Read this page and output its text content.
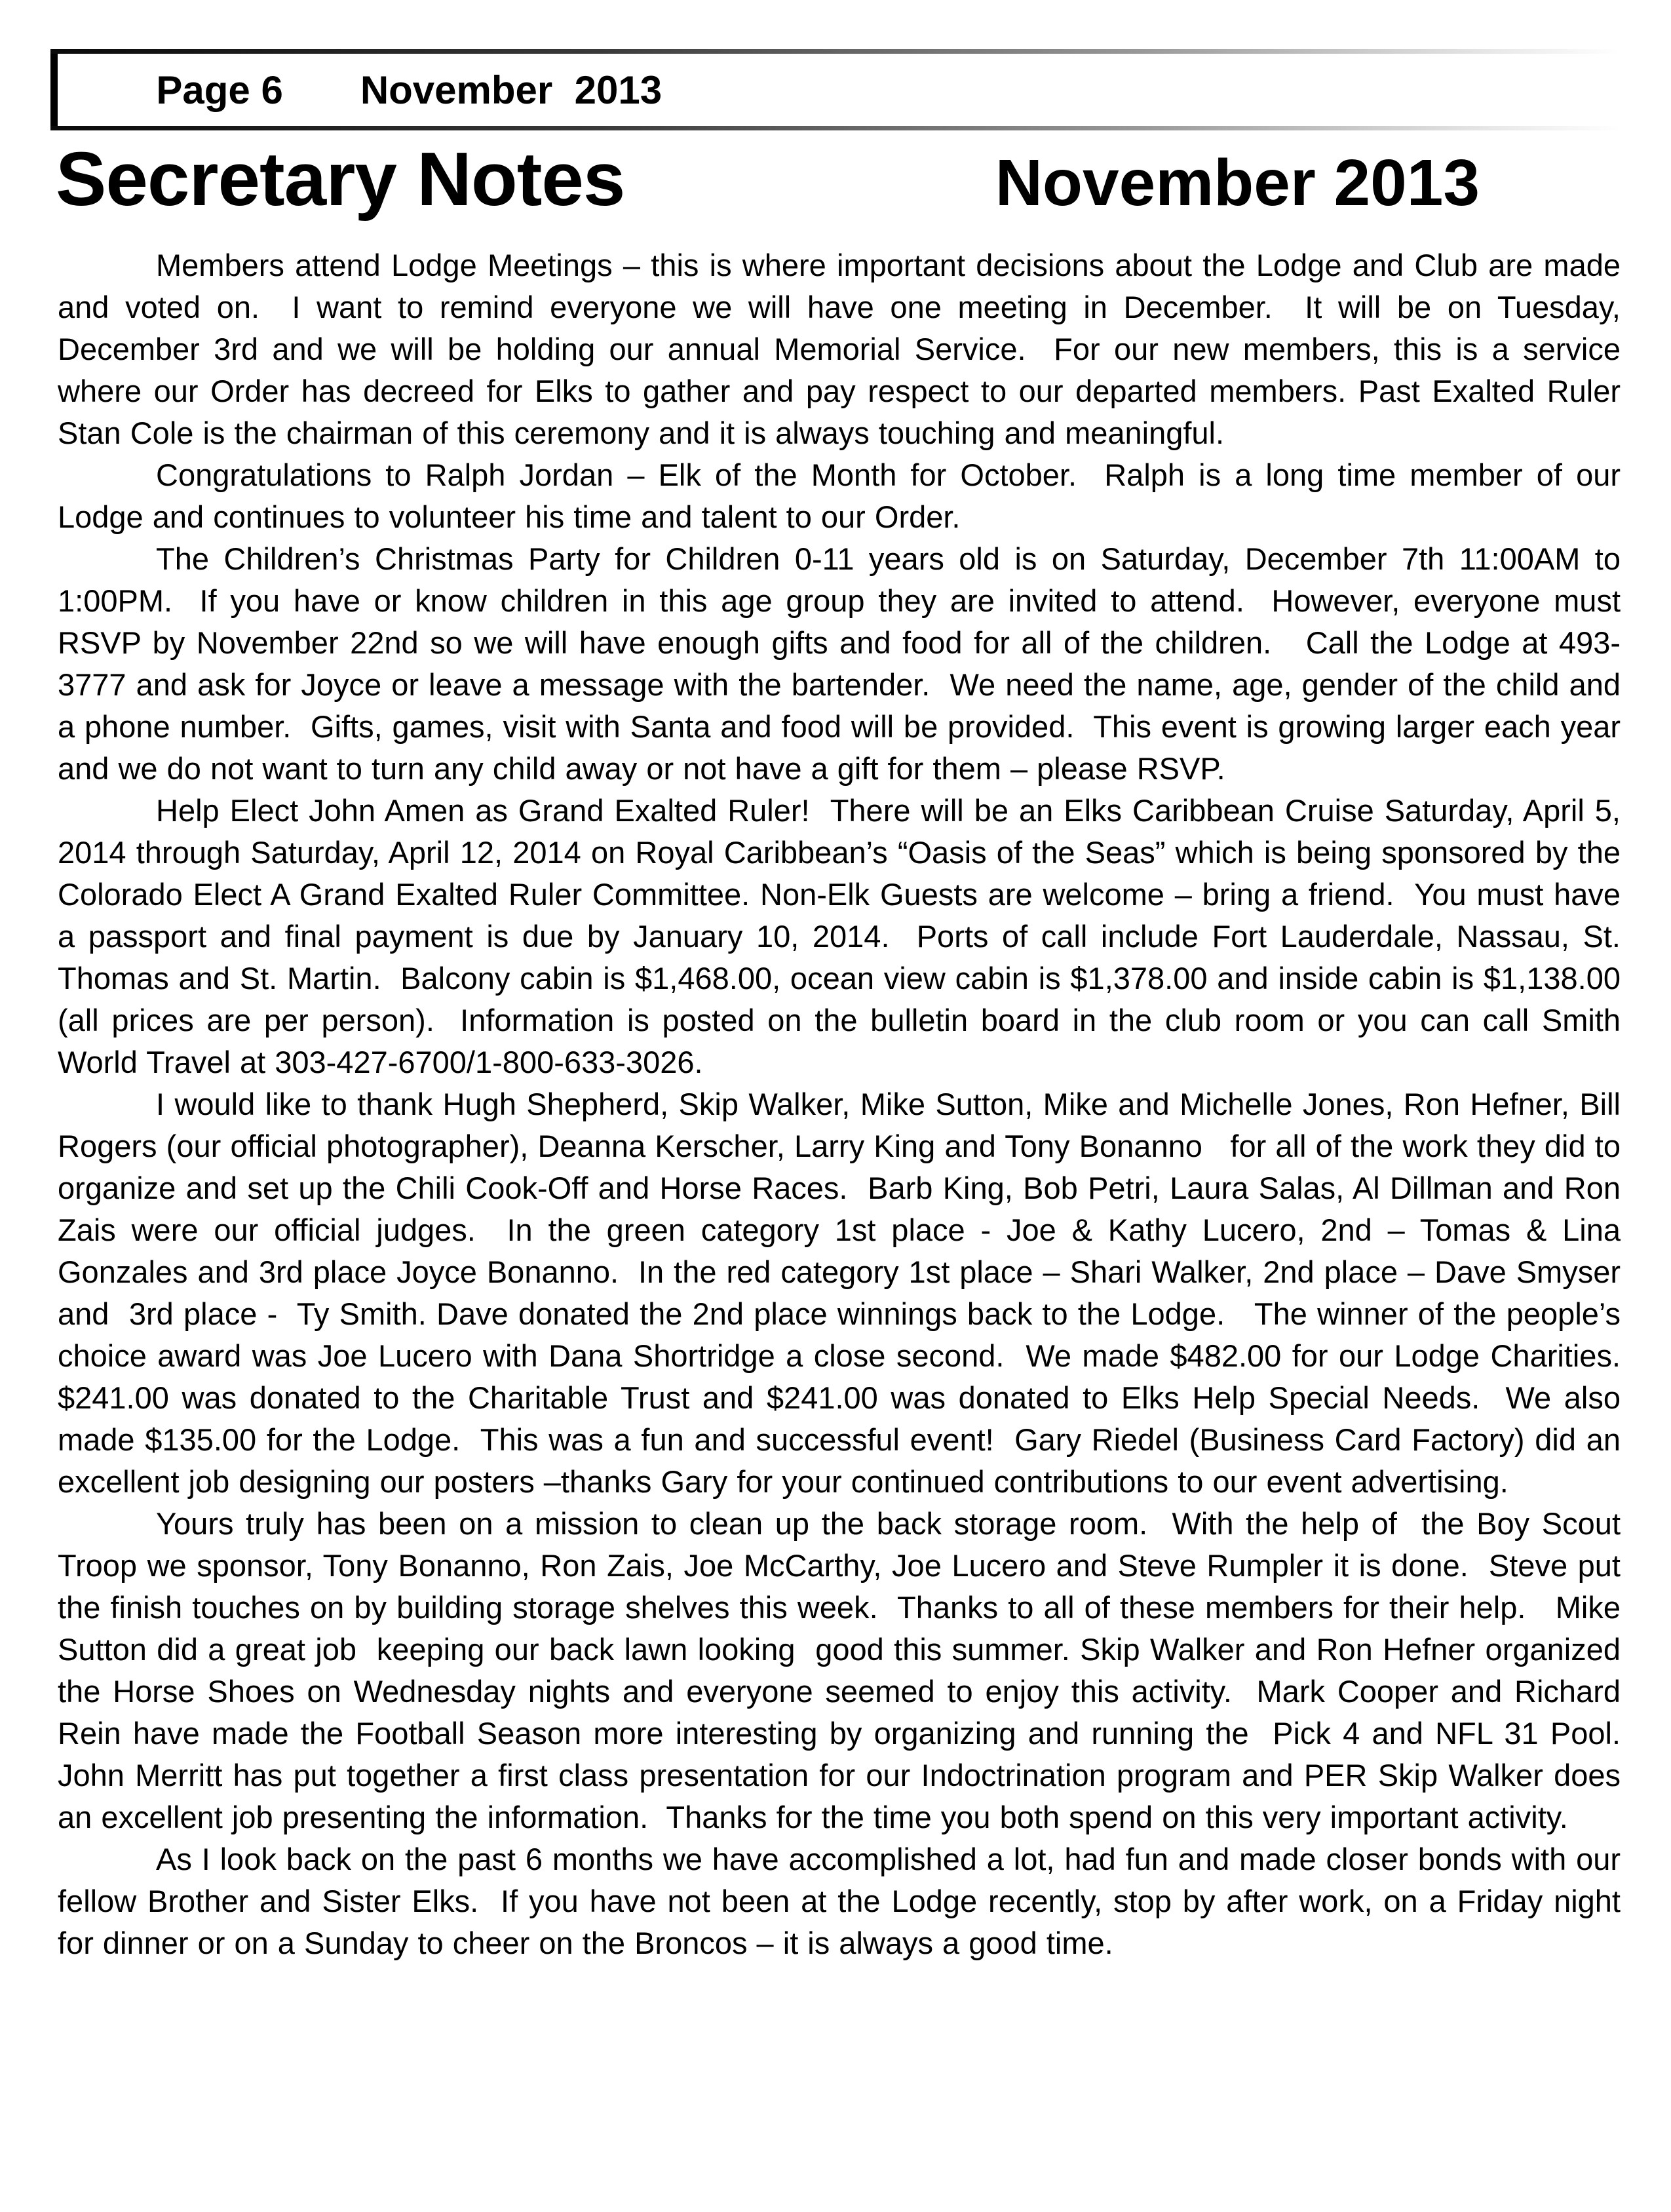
Page 6 November  2013

Secretary Notes	November 2013

Members attend Lodge Meetings – this is where important decisions about the Lodge and Club are made and voted on.  I want to remind everyone we will have one meeting in December.  It will be on Tuesday, December 3rd and we will be holding our annual Memorial Service.  For our new members, this is a service where our Order has decreed for Elks to gather and pay respect to our departed members. Past Exalted Ruler Stan Cole is the chairman of this ceremony and it is always touching and meaningful.

Congratulations to Ralph Jordan – Elk of the Month for October.  Ralph is a long time member of our Lodge and continues to volunteer his time and talent to our Order.

The Children’s Christmas Party for Children 0-11 years old is on Saturday, December 7th 11:00AM to 1:00PM.  If you have or know children in this age group they are invited to attend.  However, everyone must RSVP by November 22nd so we will have enough gifts and food for all of the children.   Call the Lodge at 493-3777 and ask for Joyce or leave a message with the bartender.  We need the name, age, gender of the child and a phone number.  Gifts, games, visit with Santa and food will be provided.  This event is growing larger each year and we do not want to turn any child away or not have a gift for them – please RSVP.

Help Elect John Amen as Grand Exalted Ruler!  There will be an Elks Caribbean Cruise Saturday, April 5, 2014 through Saturday, April 12, 2014 on Royal Caribbean’s “Oasis of the Seas” which is being sponsored by the Colorado Elect A Grand Exalted Ruler Committee. Non-Elk Guests are welcome – bring a friend.  You must have a passport and final payment is due by January 10, 2014.  Ports of call include Fort Lauderdale, Nassau, St. Thomas and St. Martin.  Balcony cabin is $1,468.00, ocean view cabin is $1,378.00 and inside cabin is $1,138.00 (all prices are per person).  Information is posted on the bulletin board in the club room or you can call Smith World Travel at 303-427-6700/1-800-633-3026.

I would like to thank Hugh Shepherd, Skip Walker, Mike Sutton, Mike and Michelle Jones, Ron Hefner, Bill Rogers (our official photographer), Deanna Kerscher, Larry King and Tony Bonanno   for all of the work they did to organize and set up the Chili Cook-Off and Horse Races.  Barb King, Bob Petri, Laura Salas, Al Dillman and Ron Zais were our official judges.  In the green category 1st place - Joe & Kathy Lucero, 2nd – Tomas & Lina Gonzales and 3rd place Joyce Bonanno.  In the red category 1st place – Shari Walker, 2nd place – Dave Smyser and  3rd place -  Ty Smith. Dave donated the 2nd place winnings back to the Lodge.   The winner of the people’s choice award was Joe Lucero with Dana Shortridge a close second.  We made $482.00 for our Lodge Charities.  $241.00 was donated to the Charitable Trust and $241.00 was donated to Elks Help Special Needs.  We also made $135.00 for the Lodge.  This was a fun and successful event!  Gary Riedel (Business Card Factory) did an excellent job designing our posters –thanks Gary for your continued contributions to our event advertising.

Yours truly has been on a mission to clean up the back storage room.  With the help of  the Boy Scout Troop we sponsor, Tony Bonanno, Ron Zais, Joe McCarthy, Joe Lucero and Steve Rumpler it is done.  Steve put the finish touches on by building storage shelves this week.  Thanks to all of these members for their help.   Mike Sutton did a great job  keeping our back lawn looking  good this summer. Skip Walker and Ron Hefner organized the Horse Shoes on Wednesday nights and everyone seemed to enjoy this activity.  Mark Cooper and Richard Rein have made the Football Season more interesting by organizing and running the  Pick 4 and NFL 31 Pool. John Merritt has put together a first class presentation for our Indoctrination program and PER Skip Walker does an excellent job presenting the information.  Thanks for the time you both spend on this very important activity.

As I look back on the past 6 months we have accomplished a lot, had fun and made closer bonds with our fellow Brother and Sister Elks.  If you have not been at the Lodge recently, stop by after work, on a Friday night for dinner or on a Sunday to cheer on the Broncos – it is always a good time.
